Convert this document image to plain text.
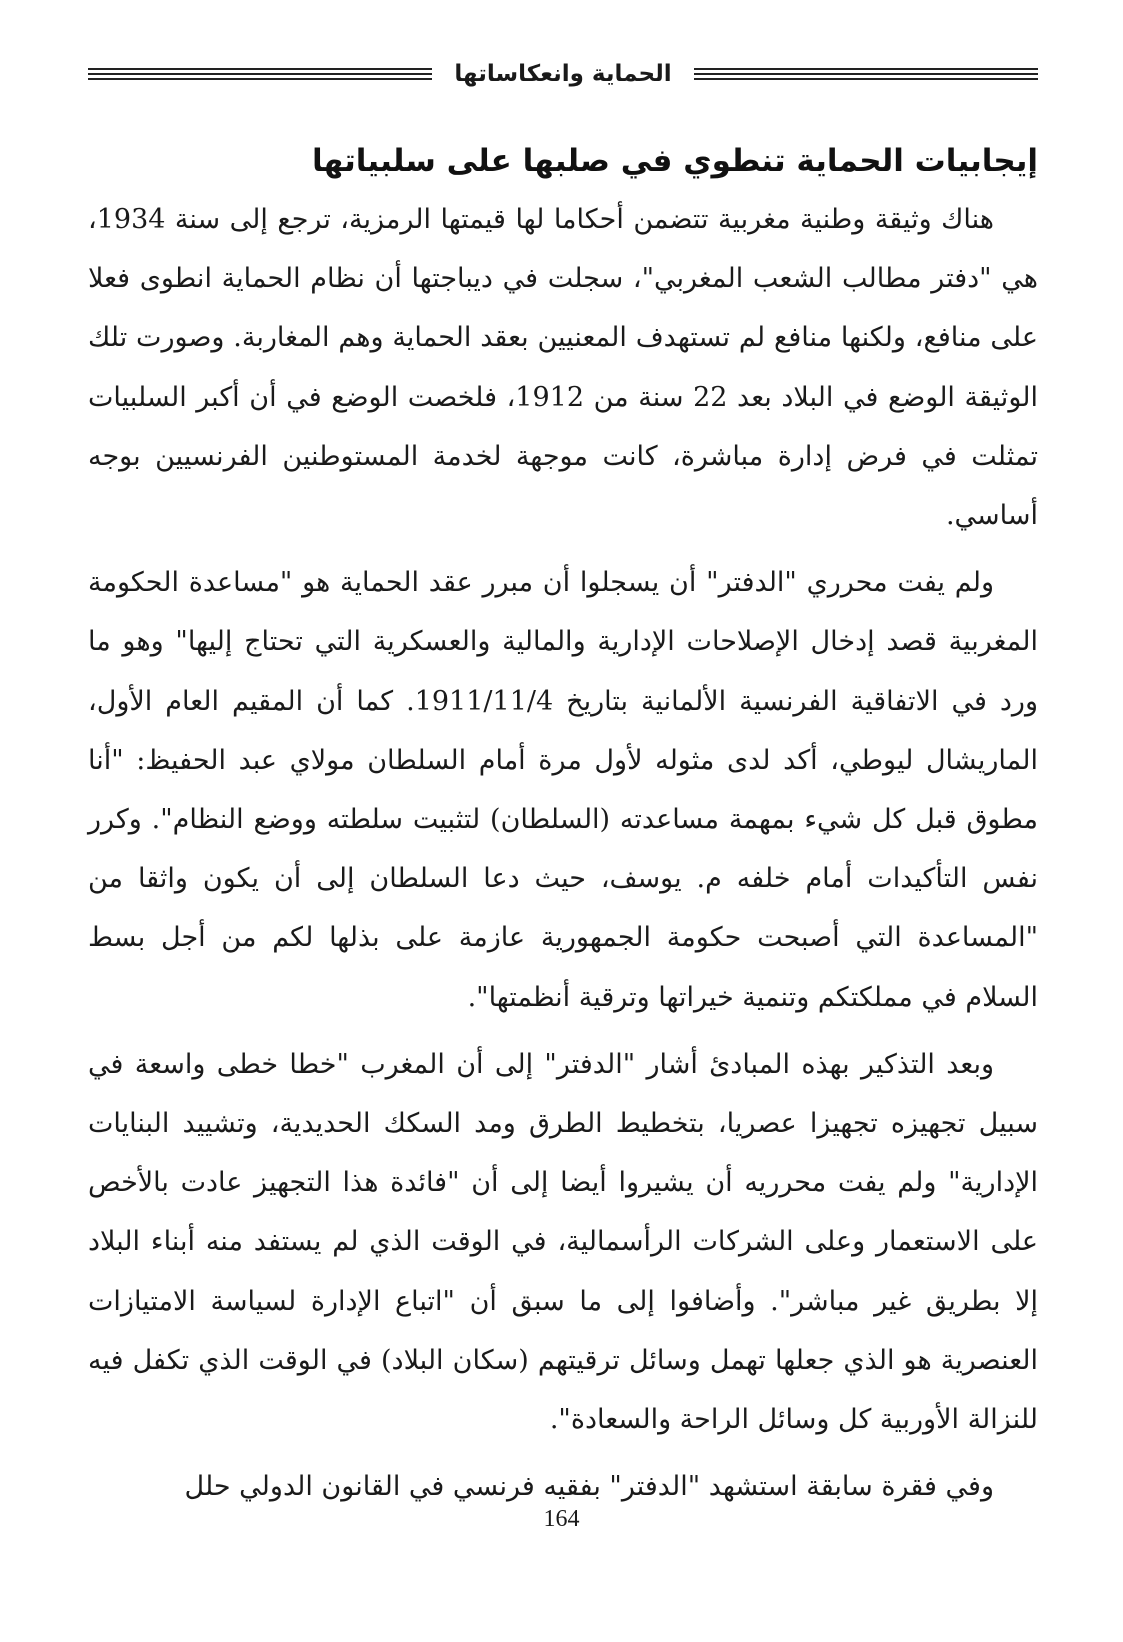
الحماية وانعكاساتها
إيجابيات الحماية تنطوي في صلبها على سلبياتها

هناك وثيقة وطنية مغربية تتضمن أحكاما لها قيمتها الرمزية، ترجع إلى سنة 1934، هي "دفتر مطالب الشعب المغربي"، سجلت في ديباجتها أن نظام الحماية انطوى فعلا على منافع، ولكنها منافع لم تستهدف المعنيين بعقد الحماية وهم المغاربة. وصورت تلك الوثيقة الوضع في البلاد بعد 22 سنة من 1912، فلخصت الوضع في أن أكبر السلبيات تمثلت في فرض إدارة مباشرة، كانت موجهة لخدمة المستوطنين الفرنسيين بوجه أساسي.

ولم يفت محرري "الدفتر" أن يسجلوا أن مبرر عقد الحماية هو "مساعدة الحكومة المغربية قصد إدخال الإصلاحات الإدارية والمالية والعسكرية التي تحتاج إليها" وهو ما ورد في الاتفاقية الفرنسية الألمانية بتاريخ 1911/11/4. كما أن المقيم العام الأول، الماريشال ليوطي، أكد لدى مثوله لأول مرة أمام السلطان مولاي عبد الحفيظ: "أنا مطوق قبل كل شيء بمهمة مساعدته (السلطان) لتثبيت سلطته ووضع النظام". وكرر نفس التأكيدات أمام خلفه م. يوسف، حيث دعا السلطان إلى أن يكون واثقا من "المساعدة التي أصبحت حكومة الجمهورية عازمة على بذلها لكم من أجل بسط السلام في مملكتكم وتنمية خيراتها وترقية أنظمتها".

وبعد التذكير بهذه المبادئ أشار "الدفتر" إلى أن المغرب "خطا خطى واسعة في سبيل تجهيزه تجهيزا عصريا، بتخطيط الطرق ومد السكك الحديدية، وتشييد البنايات الإدارية" ولم يفت محرريه أن يشيروا أيضا إلى أن "فائدة هذا التجهيز عادت بالأخص على الاستعمار وعلى الشركات الرأسمالية، في الوقت الذي لم يستفد منه أبناء البلاد إلا بطريق غير مباشر". وأضافوا إلى ما سبق أن "اتباع الإدارة لسياسة الامتيازات العنصرية هو الذي جعلها تهمل وسائل ترقيتهم (سكان البلاد) في الوقت الذي تكفل فيه للنزالة الأوربية كل وسائل الراحة والسعادة".

وفي فقرة سابقة استشهد "الدفتر" بفقيه فرنسي في القانون الدولي حلل

164
